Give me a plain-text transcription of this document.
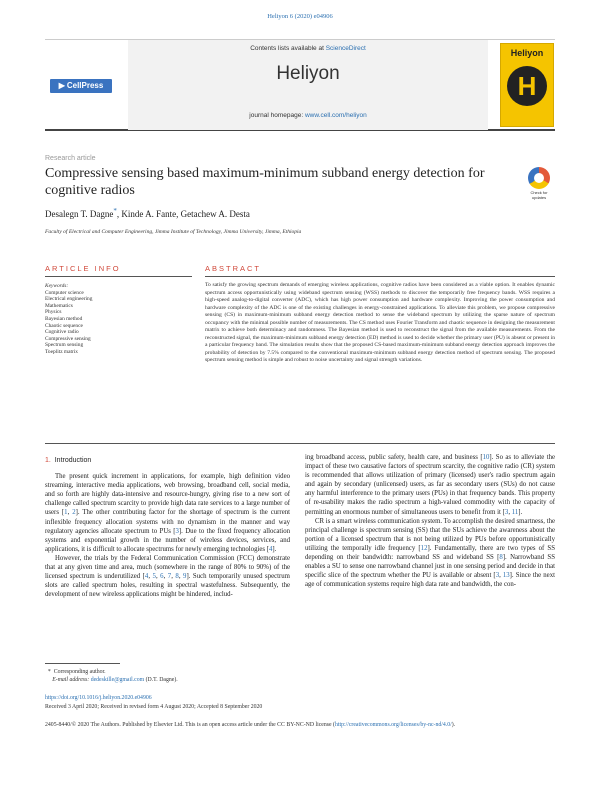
Heliyon 6 (2020) e04906
▶ CellPress
Contents lists available at ScienceDirect
Heliyon
journal homepage: www.cell.com/heliyon
Heliyon
H
Research article
Compressive sensing based maximum-minimum subband energy detection for cognitive radios	Check for updates
Desalegn T. Dagne*, Kinde A. Fante, Getachew A. Desta
Faculty of Electrical and Computer Engineering, Jimma Institute of Technology, Jimma University, Jimma, Ethiopia
ARTICLE INFO	ABSTRACT
Keywords:
Computer science
Electrical engineering
Mathematics
Physics
Bayesian method
Chaotic sequence
Cognitive radio
Compressive sensing
Spectrum sensing
Toeplitz matrix
To satisfy the growing spectrum demands of emerging wireless applications, cognitive radios have been considered as a viable option. It enables dynamic spectrum access opportunistically using wideband spectrum sensing (WSS) methods to discover the temporarily free frequency bands. WSS requires a high-speed analog-to-digital converter (ADC), which has high power consumption and hardware complexity. Improving the power consumption and hardware complexity of the ADC is one of the existing challenges in energy-constrained applications. To alleviate this problem, we propose compressive sensing (CS) in maximum-minimum subband energy detection method to sense the wideband spectrum by utilizing the sparse nature of spectrum occupancy with the minimal possible number of measurements. The CS method uses Fourier Transform and chaotic sequence in designing the measurement matrix to achieve both determinacy and randomness. The Bayesian method is used to reconstruct the signal from the available measurements. From the reconstructed signal, the maximum-minimum subband energy detection (ED) method is used to decide whether the primary user (PU) is absent or present in a particular frequency band. The simulation results show that the proposed CS-based maximum-minimum subband energy detection approach improves the probability of detection by 7.5% compared to the conventional maximum-minimum subband energy detection method of spectrum sensing. The proposed spectrum sensing method is simple and robust to noise uncertainty and signal strength variations.
1. Introduction

The present quick increment in applications, for example, high definition video streaming, interactive media applications, web browsing, broadband cell, social media, and so forth are highly data-intensive and resource-hungry, giving rise to a new sort of challenge called spectrum scarcity to provide high data rate services to a large number of users [1, 2]. The other contributing factor for the shortage of spectrum is the current inflexible frequency allocation systems with no dynamism in the manner and way regulatory agencies allocate spectrum to PUs [3]. Due to the fixed frequency allocation systems and exponential growth in the number of wireless devices, services, and applications, it is difficult to allocate spectrums for newly emerging technologies [4].

However, the trials by the Federal Communication Commission (FCC) demonstrate that at any given time and area, much (somewhere in the range of 80% to 90%) of the licensed spectrum is underutilized [4, 5, 6, 7, 8, 9]. Such temporarily unused spectrum slots are called spectrum holes, resulting in spectral wastefulness. Subsequently, the development of new wireless applications might be hindered, includ-

ing broadband access, public safety, health care, and business [10]. So as to alleviate the impact of these two causative factors of spectrum scarcity, the cognitive radio (CR) system is recommended that allows utilization of primary (licensed) user's radio spectrum again and again by secondary (unlicensed) users, as far as secondary users (SUs) do not cause any harmful interference to the primary users (PUs) in that frequency bands. This property of re-usability makes the radio spectrum a high-valued commodity with the capacity of permitting an enormous number of simultaneous users to benefit from it [3, 11].

CR is a smart wireless communication system. To accomplish the desired smartness, the principal challenge is spectrum sensing (SS) that the SUs achieve the awareness about the portion of a licensed spectrum that is not being utilized by PUs before opportunistically utilizing the temporally idle frequency [12]. Fundamentally, there are two types of SS depending on their bandwidth: narrowband SS and wideband SS [8]. Narrowband SS enables a SU to sense one narrowband channel just in one sensing period and decide in that specific slice of the spectrum whether the PU is available or absent [3, 13]. Since the next age of communication systems require high data rate and bandwidth, the con-

* Corresponding author.
E-mail address: dedeskille@gmail.com (D.T. Dagne).
https://doi.org/10.1016/j.heliyon.2020.e04906
Received 3 April 2020; Received in revised form 4 August 2020; Accepted 8 September 2020
2405-8440/© 2020 The Authors. Published by Elsevier Ltd. This is an open access article under the CC BY-NC-ND license (http://creativecommons.org/licenses/by-nc-nd/4.0/).
